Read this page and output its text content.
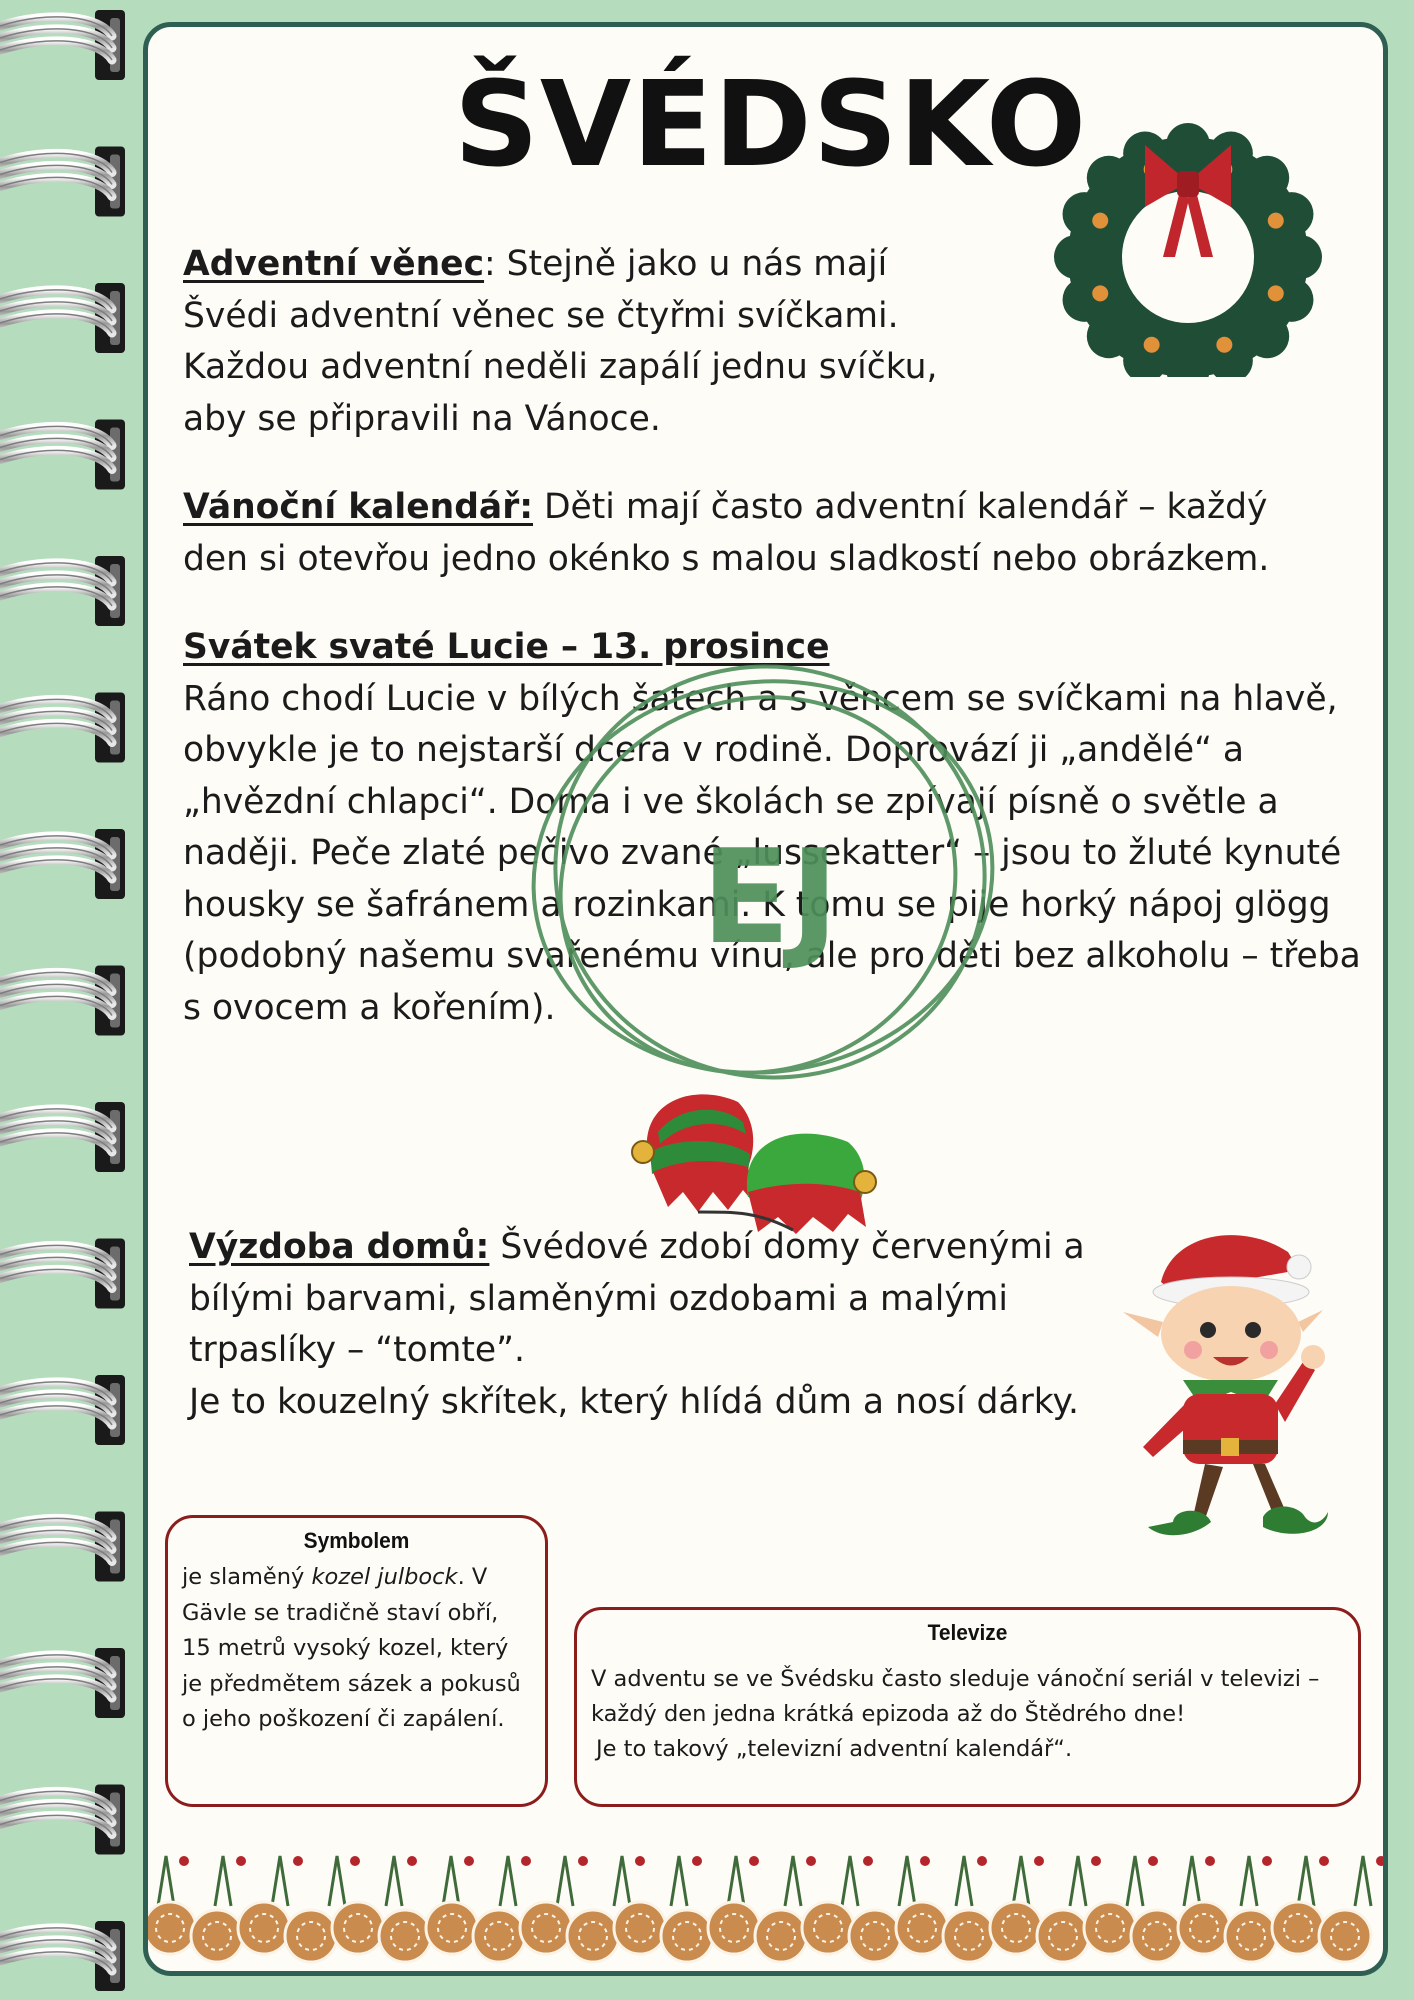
ŠVÉDSKO

Adventní věnec: Stejně jako u nás mají Švédi adventní věnec se čtyřmi svíčkami. Každou adventní neděli zapálí jednu svíčku, aby se připravili na Vánoce.

Vánoční kalendář: Děti mají často adventní kalendář – každý den si otevřou jedno okénko s malou sladkostí nebo obrázkem.

Svátek svaté Lucie – 13. prosince
Ráno chodí Lucie v bílých šatech a s věncem se svíčkami na hlavě, obvykle je to nejstarší dcera v rodině. Doprovází ji „andělé“ a „hvězdní chlapci“. Doma i ve školách se zpívají písně o světle a naději. Peče zlaté pečivo zvané „lussekatter“ – jsou to žluté kynuté housky se šafránem a rozinkami. K tomu se pije horký nápoj glögg (podobný našemu svařenému vínu, ale pro děti bez alkoholu – třeba s ovocem a kořením).

EJ

Výzdoba domů: Švédové zdobí domy červenými a bílými barvami, slaměnými ozdobami a malými trpaslíky – “tomte”.
Je to kouzelný skřítek, který hlídá dům a nosí dárky.

Symbolem

je slaměný kozel julbock. V Gävle se tradičně staví obří, 15 metrů vysoký kozel, který je předmětem sázek a pokusů o jeho poškození či zapálení.

Televize

V adventu se ve Švédsku často sleduje vánoční seriál v televizi – každý den jedna krátká epizoda až do Štědrého dne!
Je to takový „televizní adventní kalendář“.
